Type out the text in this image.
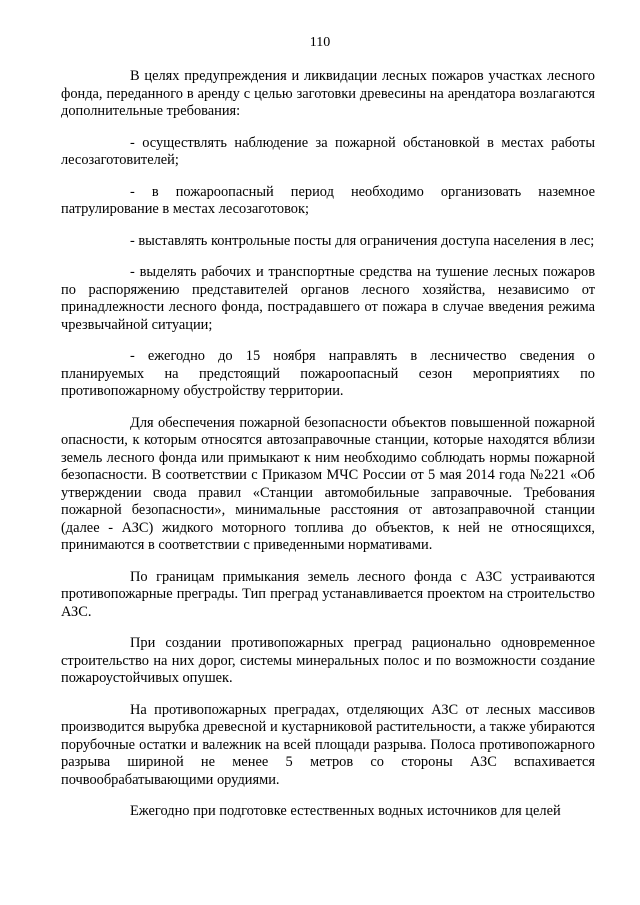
110

В целях предупреждения и ликвидации лесных пожаров участках лесного фонда, переданного в аренду с целью заготовки древесины на арендатора возлагаются дополнительные требования:

- осуществлять наблюдение за пожарной обстановкой в местах работы лесозаготовителей;

- в пожароопасный период необходимо организовать наземное патрулирование в местах лесозаготовок;

- выставлять контрольные посты для ограничения доступа населения в лес;

- выделять рабочих и транспортные средства на тушение лесных пожаров по распоряжению представителей органов лесного хозяйства, независимо от принадлежности лесного фонда, пострадавшего от пожара в случае введения режима чрезвычайной ситуации;

- ежегодно до 15 ноября направлять в лесничество сведения о планируемых на предстоящий пожароопасный сезон мероприятиях по противопожарному обустройству территории.

Для обеспечения пожарной безопасности объектов повышенной пожарной опасности, к которым относятся автозаправочные станции, которые находятся вблизи земель лесного фонда или примыкают к ним необходимо соблюдать нормы пожарной безопасности. В соответствии с Приказом МЧС России от 5 мая 2014 года №221 «Об утверждении свода правил «Станции автомобильные заправочные. Требования пожарной безопасности», минимальные расстояния от автозаправочной станции (далее - АЗС) жидкого моторного топлива до объектов, к ней не относящихся, принимаются в соответствии с приведенными нормативами.

По границам примыкания земель лесного фонда с АЗС устраиваются противопожарные преграды. Тип преград устанавливается проектом на строительство АЗС.

При создании противопожарных преград рационально одновременное строительство на них дорог, системы минеральных полос и по возможности создание пожароустойчивых опушек.

На противопожарных преградах, отделяющих АЗС от лесных массивов производится вырубка древесной и кустарниковой растительности, а также убираются порубочные остатки и валежник на всей площади разрыва. Полоса противопожарного разрыва шириной не менее 5 метров со стороны АЗС вспахивается почвообрабатывающими орудиями.

Ежегодно при подготовке естественных водных источников для целей
